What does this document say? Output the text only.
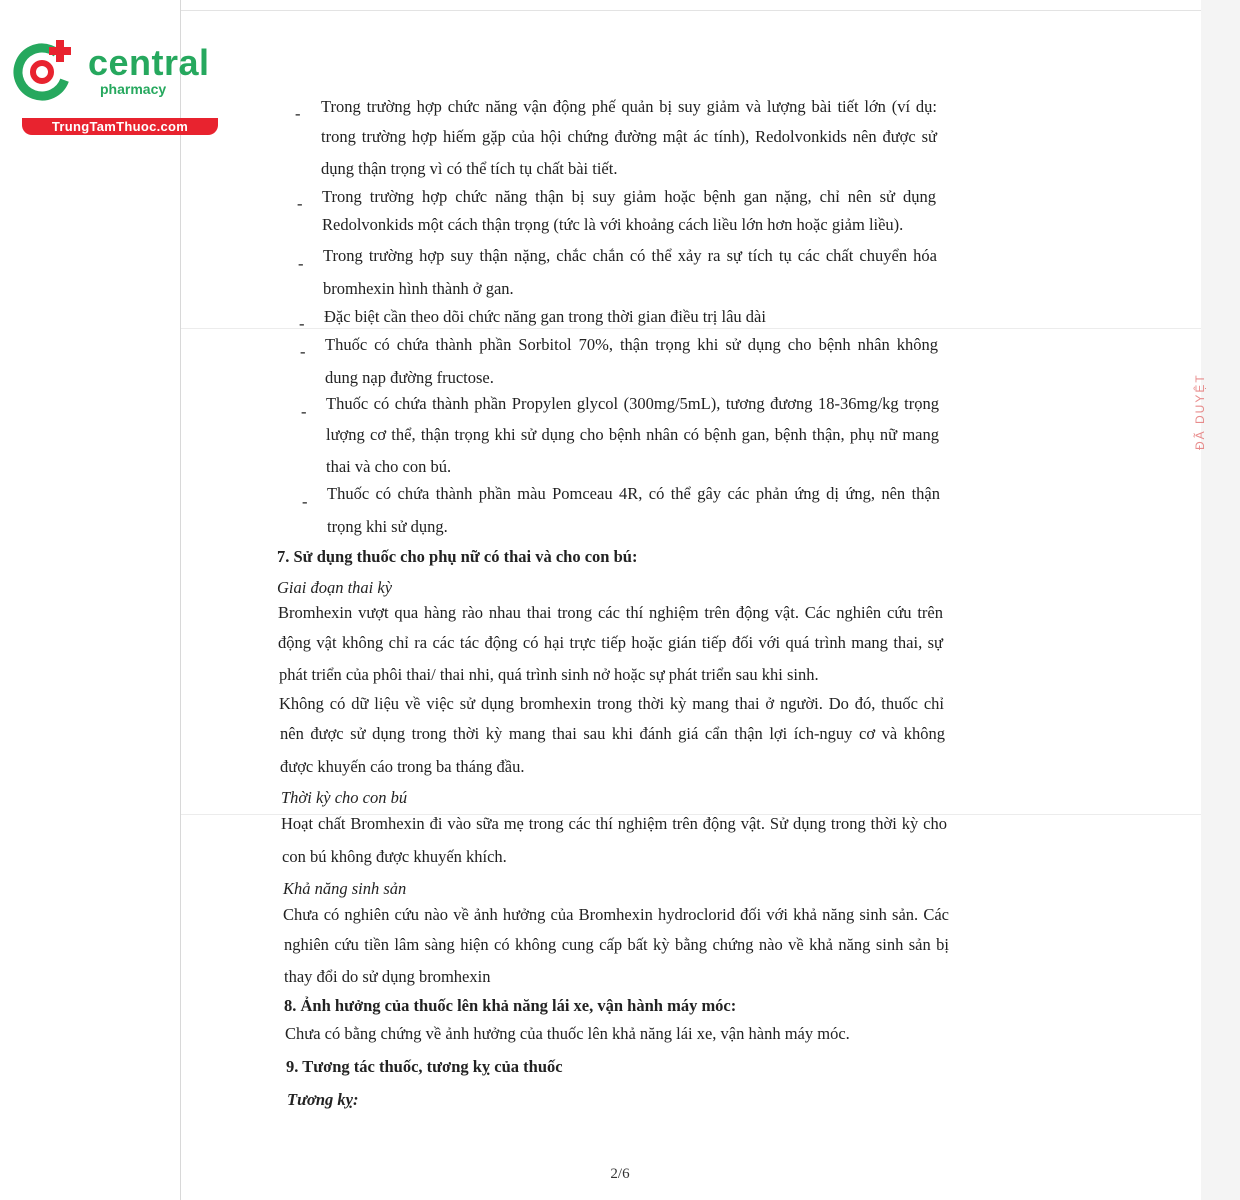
ĐÃ DUYỆT
central
pharmacy
TrungTamThuoc.com
- Trong trường hợp chức năng vận động phế quản bị suy giảm và lượng bài tiết lớn (ví dụ:
trong trường hợp hiếm gặp của hội chứng đường mật ác tính), Redolvonkids nên được sử
dụng thận trọng vì có thể tích tụ chất bài tiết.
- Trong trường hợp chức năng thận bị suy giảm hoặc bệnh gan nặng, chỉ nên sử dụng
Redolvonkids một cách thận trọng (tức là với khoảng cách liều lớn hơn hoặc giảm liều).
- Trong trường hợp suy thận nặng, chắc chắn có thể xảy ra sự tích tụ các chất chuyển hóa
bromhexin hình thành ở gan.
- Đặc biệt cần theo dõi chức năng gan trong thời gian điều trị lâu dài
- Thuốc có chứa thành phần Sorbitol 70%, thận trọng khi sử dụng cho bệnh nhân không
dung nạp đường fructose.
- Thuốc có chứa thành phần Propylen glycol (300mg/5mL), tương đương 18-36mg/kg trọng
lượng cơ thể, thận trọng khi sử dụng cho bệnh nhân có bệnh gan, bệnh thận, phụ nữ mang
thai và cho con bú.
- Thuốc có chứa thành phần màu Pomceau 4R, có thể gây các phản ứng dị ứng, nên thận
trọng khi sử dụng.
7. Sử dụng thuốc cho phụ nữ có thai và cho con bú:
Giai đoạn thai kỳ
Bromhexin vượt qua hàng rào nhau thai trong các thí nghiệm trên động vật. Các nghiên cứu trên
động vật không chỉ ra các tác động có hại trực tiếp hoặc gián tiếp đối với quá trình mang thai, sự
phát triển của phôi thai/ thai nhi, quá trình sinh nở hoặc sự phát triển sau khi sinh.
Không có dữ liệu về việc sử dụng bromhexin trong thời kỳ mang thai ở người. Do đó, thuốc chỉ
nên được sử dụng trong thời kỳ mang thai sau khi đánh giá cẩn thận lợi ích-nguy cơ và không
được khuyến cáo trong ba tháng đầu.
Thời kỳ cho con bú
Hoạt chất Bromhexin đi vào sữa mẹ trong các thí nghiệm trên động vật. Sử dụng trong thời kỳ cho
con bú không được khuyến khích.
Khả năng sinh sản
Chưa có nghiên cứu nào về ảnh hưởng của Bromhexin hydroclorid đối với khả năng sinh sản. Các
nghiên cứu tiền lâm sàng hiện có không cung cấp bất kỳ bằng chứng nào về khả năng sinh sản bị
thay đổi do sử dụng bromhexin
8. Ảnh hưởng của thuốc lên khả năng lái xe, vận hành máy móc:
Chưa có bằng chứng về ảnh hưởng của thuốc lên khả năng lái xe, vận hành máy móc.
9. Tương tác thuốc, tương kỵ của thuốc
Tương kỵ:
2/6
